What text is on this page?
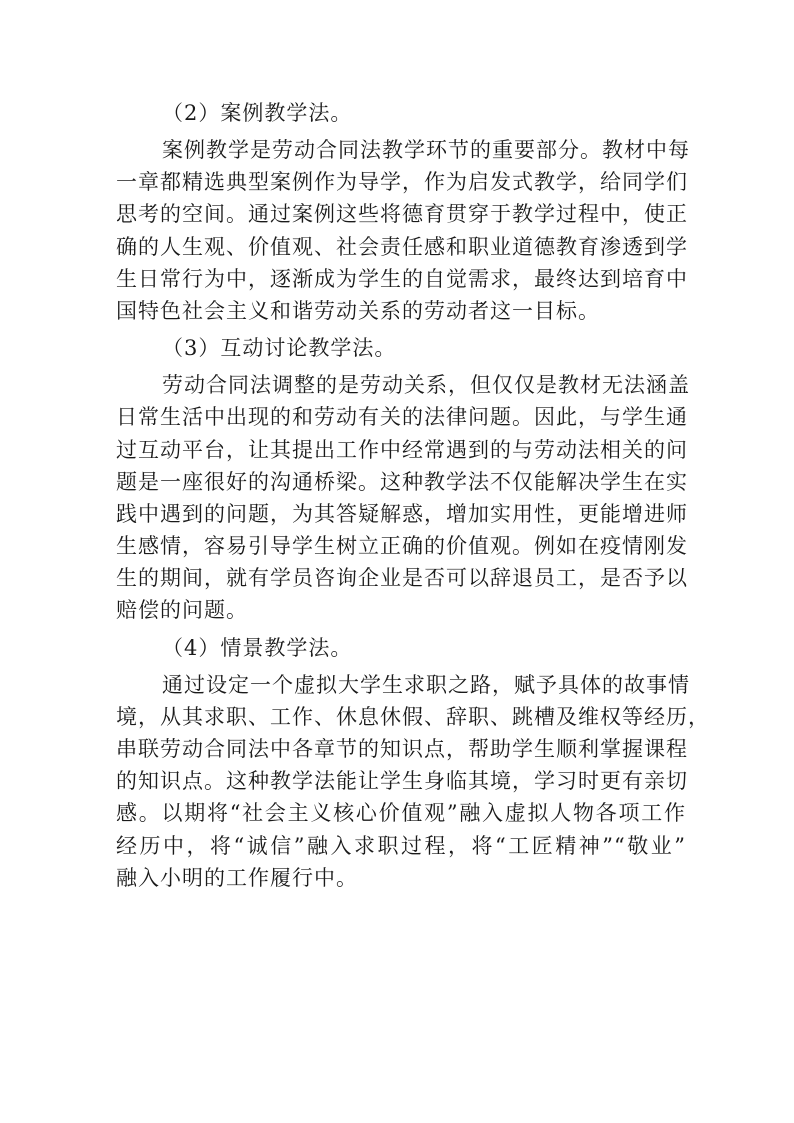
（2）案例教学法。

案例教学是劳动合同法教学环节的重要部分。教材中每

一章都精选典型案例作为导学，作为启发式教学，给同学们

思考的空间。通过案例这些将德育贯穿于教学过程中，使正

确的人生观、价值观、社会责任感和职业道德教育渗透到学

生日常行为中，逐渐成为学生的自觉需求，最终达到培育中

国特色社会主义和谐劳动关系的劳动者这一目标。

（3）互动讨论教学法。

劳动合同法调整的是劳动关系，但仅仅是教材无法涵盖

日常生活中出现的和劳动有关的法律问题。因此，与学生通

过互动平台，让其提出工作中经常遇到的与劳动法相关的问

题是一座很好的沟通桥梁。这种教学法不仅能解决学生在实

践中遇到的问题，为其答疑解惑，增加实用性，更能增进师

生感情，容易引导学生树立正确的价值观。例如在疫情刚发

生的期间，就有学员咨询企业是否可以辞退员工，是否予以

赔偿的问题。

（4）情景教学法。

通过设定一个虚拟大学生求职之路，赋予具体的故事情

境，从其求职、工作、休息休假、辞职、跳槽及维权等经历，

串联劳动合同法中各章节的知识点，帮助学生顺利掌握课程

的知识点。这种教学法能让学生身临其境，学习时更有亲切

感。以期将“社会主义核心价值观”融入虚拟人物各项工作

经历中，将“诚信”融入求职过程，将“工匠精神”“敬业”

融入小明的工作履行中。
